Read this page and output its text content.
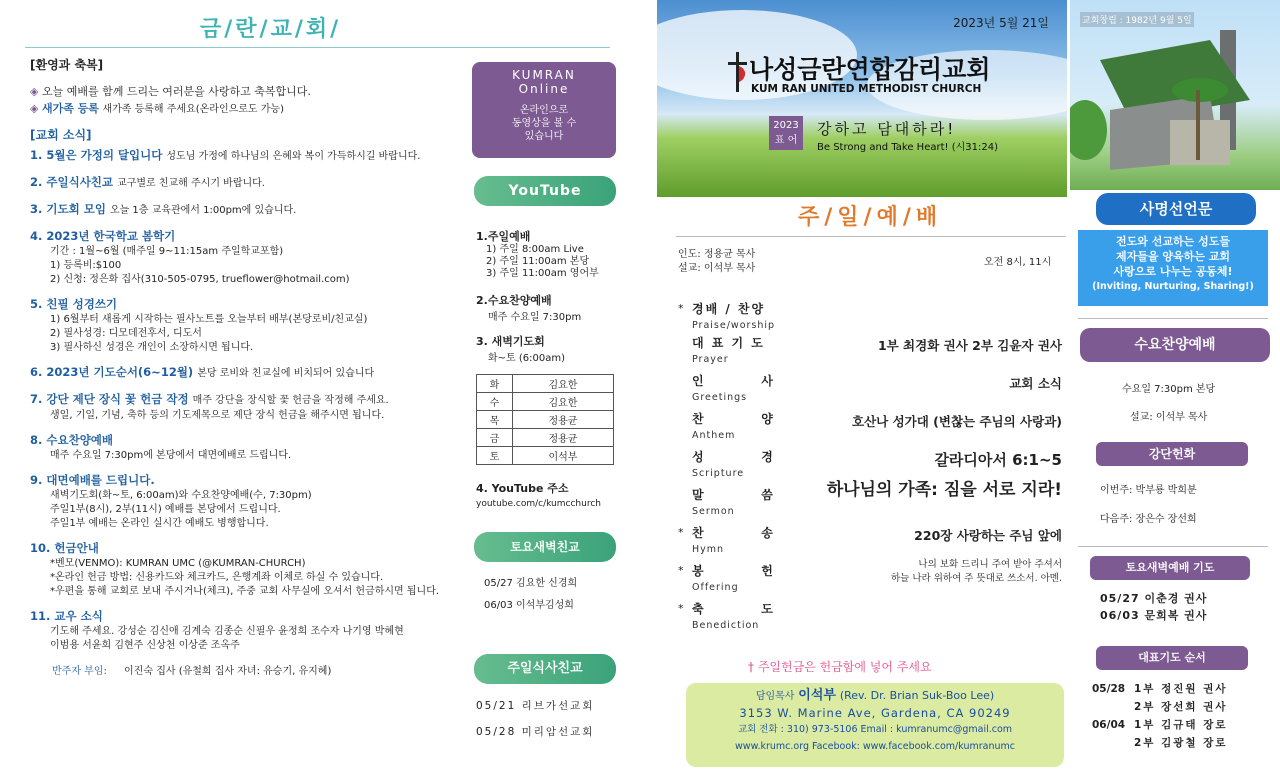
금/란/교/회/
[환영과 축복]
◈ 오늘 예배를 함께 드리는 여러분을 사랑하고 축복합니다.
◈ 새가족 등록 새가족 등록해 주세요(온라인으로도 가능)
[교회 소식]
1. 5월은 가정의 달입니다 성도님 가정에 하나님의 은혜와 복이 가득하시길 바랍니다.
2. 주일식사친교 교구별로 친교해 주시기 바랍니다.
3. 기도회 모임 오늘 1층 교육관에서 1:00pm에 있습니다.
4. 2023년 한국학교 봄학기
기간 : 1월~6월 (매주일 9~11:15am 주일학교포함)
1) 등록비:$100
2) 신청: 정은화 집사(310-505-0795, trueflower@hotmail.com)
5. 친필 성경쓰기
1) 6월부터 새롭게 시작하는 필사노트를 오늘부터 배부(본당로비/친교실)
2) 필사성경: 디모데전후서, 디도서
3) 필사하신 성경은 개인이 소장하시면 됩니다.
6. 2023년 기도순서(6~12월) 본당 로비와 친교실에 비치되어 있습니다
7. 강단 제단 장식 꽃 헌금 작정 매주 강단을 장식할 꽃 헌금을 작정해 주세요.
생일, 기일, 기념, 축하 등의 기도제목으로 제단 장식 헌금을 해주시면 됩니다.
8. 수요찬양예배
매주 수요일 7:30pm에 본당에서 대면예배로 드립니다.
9. 대면예배를 드립니다.
새벽기도회(화~토, 6:00am)와 수요찬양예배(수, 7:30pm)
주일1부(8시), 2부(11시) 예배를 본당에서 드립니다.
주일1부 예배는 온라인 실시간 예배도 병행합니다.
10. 헌금안내
*벤모(VENMO): KUMRAN UMC (@KUMRAN-CHURCH)
*온라인 헌금 방법: 신용카드와 체크카드, 은행계좌 이체로 하실 수 있습니다.
*우편을 통해 교회로 보내 주시거나(체크), 주중 교회 사무실에 오셔서 헌금하시면 됩니다.
11. 교우 소식
기도해 주세요. 강성순 김신애 김계숙 김종순 신필우 윤정희 조수자 나기영 박혜현
이범용 서윤희 김현주 신상천 이상준 조옥주
반주자 부임: 이진숙 집사 (유철희 집사 자녀: 유승기, 유지혜)
KUMRAN
Online
온라인으로
동영상을 볼 수
있습니다
YouTube
1.주일예배
1) 주일 8:00am Live
2) 주일 11:00am 본당
3) 주일 11:00am 영어부
2.수요찬양예배
매주 수요일 7:30pm
3. 새벽기도회
화~토 (6:00am)
화	김요한
수	김요한
목	정용균
금	정용균
토	이석부
4. YouTube 주소
youtube.com/c/kumcchurch
토요새벽친교
05/27 김요한 신경희
06/03 이석부김성희
주일식사친교
05/21 리브가선교회
05/28 미리암선교회
2023년 5월 21일
나성금란연합감리교회
KUM RAN UNITED METHODIST CHURCH
2023
표 어
강하고 담대하라!
Be Strong and Take Heart! (시31:24)
교회창립 : 1982년 9월 5일
주/일/예/배
인도: 정용균 목사
설교: 이석부 목사
오전 8시, 11시
* 경배 / 찬양
Praise/worship
대 표 기 도
Prayer
1부 최경화 권사 2부 김윤자 권사
인         사
Greetings
교회 소식
찬         양
Anthem
호산나 성가대 (변찮는 주님의 사랑과)
성         경
Scripture
갈라디아서 6:1~5
말         씀
Sermon
하나님의 가족: 짐을 서로 지라!
* 찬         송
Hymn
220장 사랑하는 주님 앞에
* 봉         헌
Offering
나의 보화 드리니 주여 받아 주셔서
하늘 나라 위하여 주 뜻대로 쓰소서. 아멘.
* 축         도
Benediction
† 주일헌금은 헌금함에 넣어 주세요
담임목사 이석부 (Rev. Dr. Brian Suk-Boo Lee)
3153 W. Marine Ave, Gardena, CA 90249
교회 전화 : 310) 973-5106 Email : kumranumc@gmail.com
www.krumc.org Facebook: www.facebook.com/kumranumc
사명선언문
전도와 선교하는 성도들
제자들을 양육하는 교회
사랑으로 나누는 공동체!
(Inviting, Nurturing, Sharing!)
수요찬양예배
수요일 7:30pm 본당
설교: 이석부 목사
강단헌화
이번주: 박부룡 박희분
다음주: 장은수 장선희
토요새벽예배 기도
05/27 이춘경 권사
06/03 문희복 권사
대표기도 순서
05/28 1부 정진원 권사
2부 장선희 권사
06/04 1부 김규태 장로
2부 김광철 장로
